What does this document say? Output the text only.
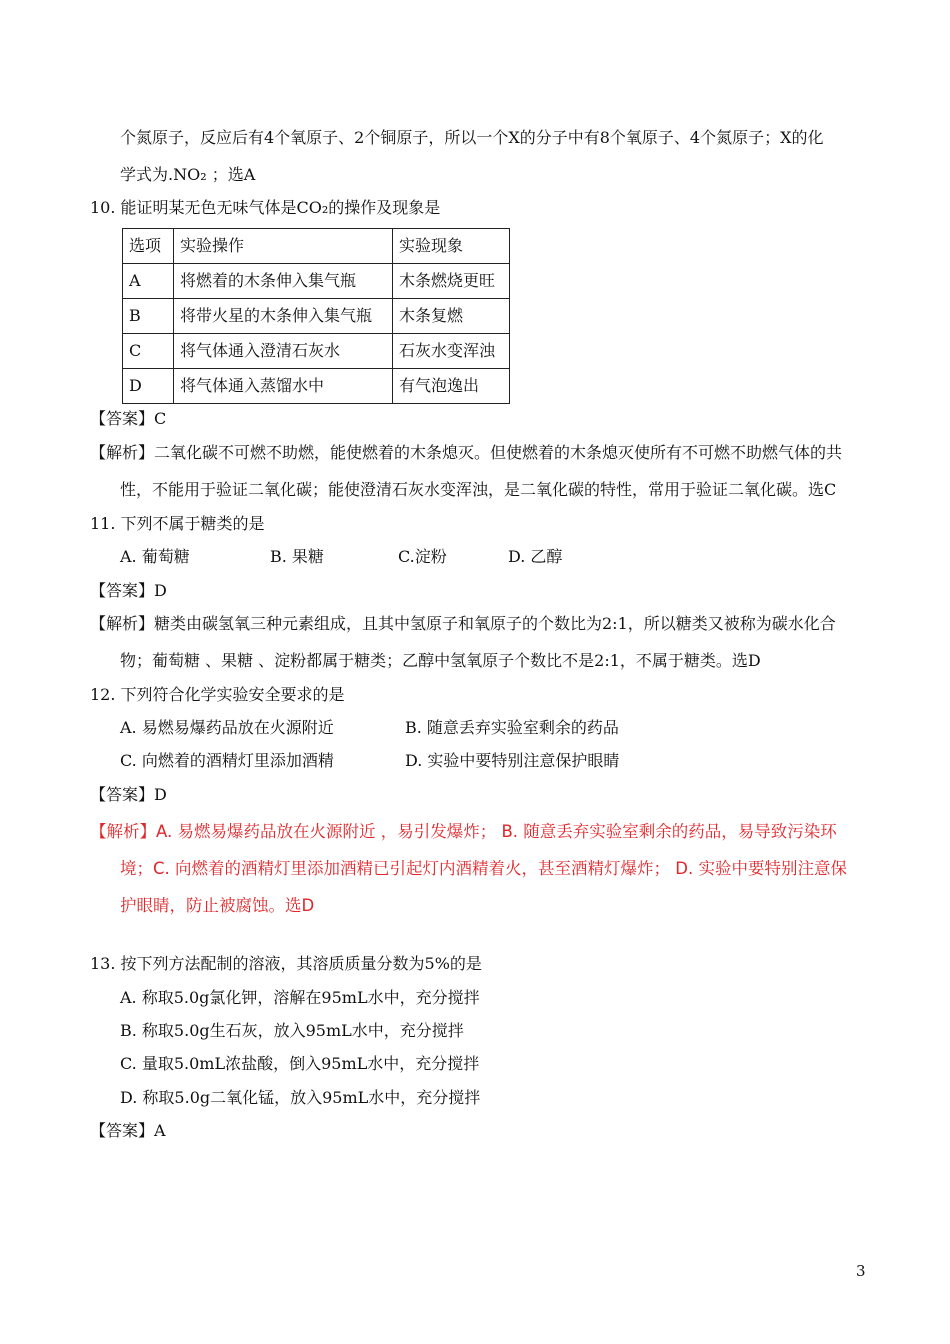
个氮原子，反应后有4个氧原子、2个铜原子，所以一个X的分子中有8个氧原子、4个氮原子；X的化
学式为.NO₂ ；选A
10. 能证明某无色无味气体是CO₂的操作及现象是
选项	实验操作	实验现象
A	将燃着的木条伸入集气瓶	木条燃烧更旺
B	将带火星的木条伸入集气瓶	木条复燃
C	将气体通入澄清石灰水	石灰水变浑浊
D	将气体通入蒸馏水中	有气泡逸出
【答案】C
【解析】二氧化碳不可燃不助燃，能使燃着的木条熄灭。但使燃着的木条熄灭使所有不可燃不助燃气体的共
性，不能用于验证二氧化碳；能使澄清石灰水变浑浊，是二氧化碳的特性，常用于验证二氧化碳。选C
11. 下列不属于糖类的是
A. 葡萄糖	B. 果糖	C.淀粉	D. 乙醇
【答案】D
【解析】糖类由碳氢氧三种元素组成，且其中氢原子和氧原子的个数比为2:1，所以糖类又被称为碳水化合
物；葡萄糖 、果糖 、淀粉都属于糖类；乙醇中氢氧原子个数比不是2:1，不属于糖类。选D
12. 下列符合化学实验安全要求的是
A. 易燃易爆药品放在火源附近	B. 随意丢弃实验室剩余的药品
C. 向燃着的酒精灯里添加酒精	D. 实验中要特别注意保护眼睛
【答案】D
【解析】A. 易燃易爆药品放在火源附近 ，易引发爆炸； B. 随意丢弃实验室剩余的药品，易导致污染环
境；C. 向燃着的酒精灯里添加酒精已引起灯内酒精着火，甚至酒精灯爆炸； D. 实验中要特别注意保
护眼睛，防止被腐蚀。选D
13. 按下列方法配制的溶液，其溶质质量分数为5%的是
A. 称取5.0g氯化钾，溶解在95mL水中，充分搅拌
B. 称取5.0g生石灰，放入95mL水中，充分搅拌
C. 量取5.0mL浓盐酸，倒入95mL水中，充分搅拌
D. 称取5.0g二氧化锰，放入95mL水中，充分搅拌
【答案】A
3
